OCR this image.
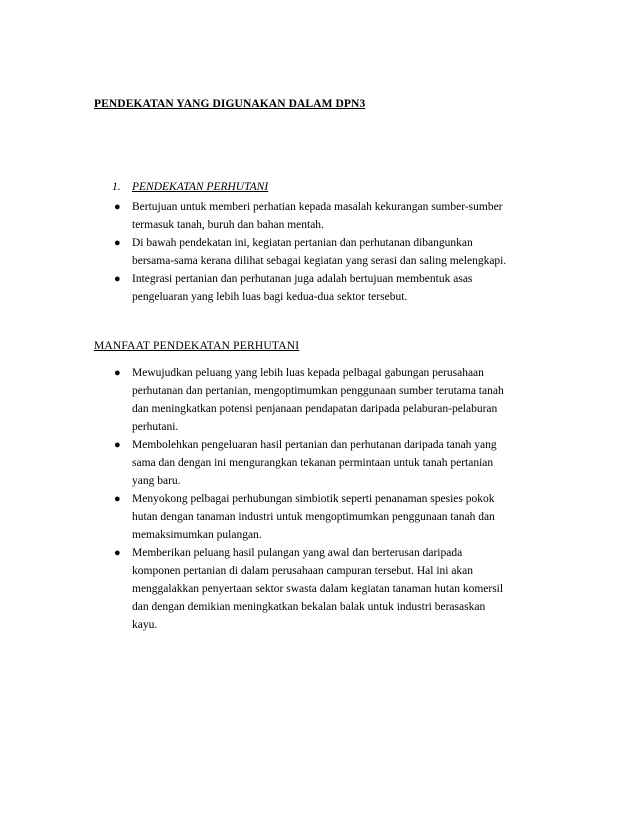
PENDEKATAN YANG DIGUNAKAN DALAM DPN3
1. PENDEKATAN PERHUTANI
● Bertujuan untuk memberi perhatian kepada masalah kekurangan sumber-sumber
termasuk tanah, buruh dan bahan mentah.
● Di bawah pendekatan ini, kegiatan pertanian dan perhutanan dibangunkan
bersama-sama kerana dilihat sebagai kegiatan yang serasi dan saling melengkapi.
● Integrasi pertanian dan perhutanan juga adalah bertujuan membentuk asas
pengeluaran yang lebih luas bagi kedua-dua sektor tersebut.
MANFAAT PENDEKATAN PERHUTANI
● Mewujudkan peluang yang lebih luas kepada pelbagai gabungan perusahaan
perhutanan dan pertanian, mengoptimumkan penggunaan sumber terutama tanah
dan meningkatkan potensi penjanaan pendapatan daripada pelaburan-pelaburan
perhutani.
● Membolehkan pengeluaran hasil pertanian dan perhutanan daripada tanah yang
sama dan dengan ini mengurangkan tekanan permintaan untuk tanah pertanian
yang baru.
● Menyokong pelbagai perhubungan simbiotik seperti penanaman spesies pokok
hutan dengan tanaman industri untuk mengoptimumkan penggunaan tanah dan
memaksimumkan pulangan.
● Memberikan peluang hasil pulangan yang awal dan berterusan daripada
komponen pertanian di dalam perusahaan campuran tersebut. Hal ini akan
menggalakkan penyertaan sektor swasta dalam kegiatan tanaman hutan komersil
dan dengan demikian meningkatkan bekalan balak untuk industri berasaskan
kayu.
